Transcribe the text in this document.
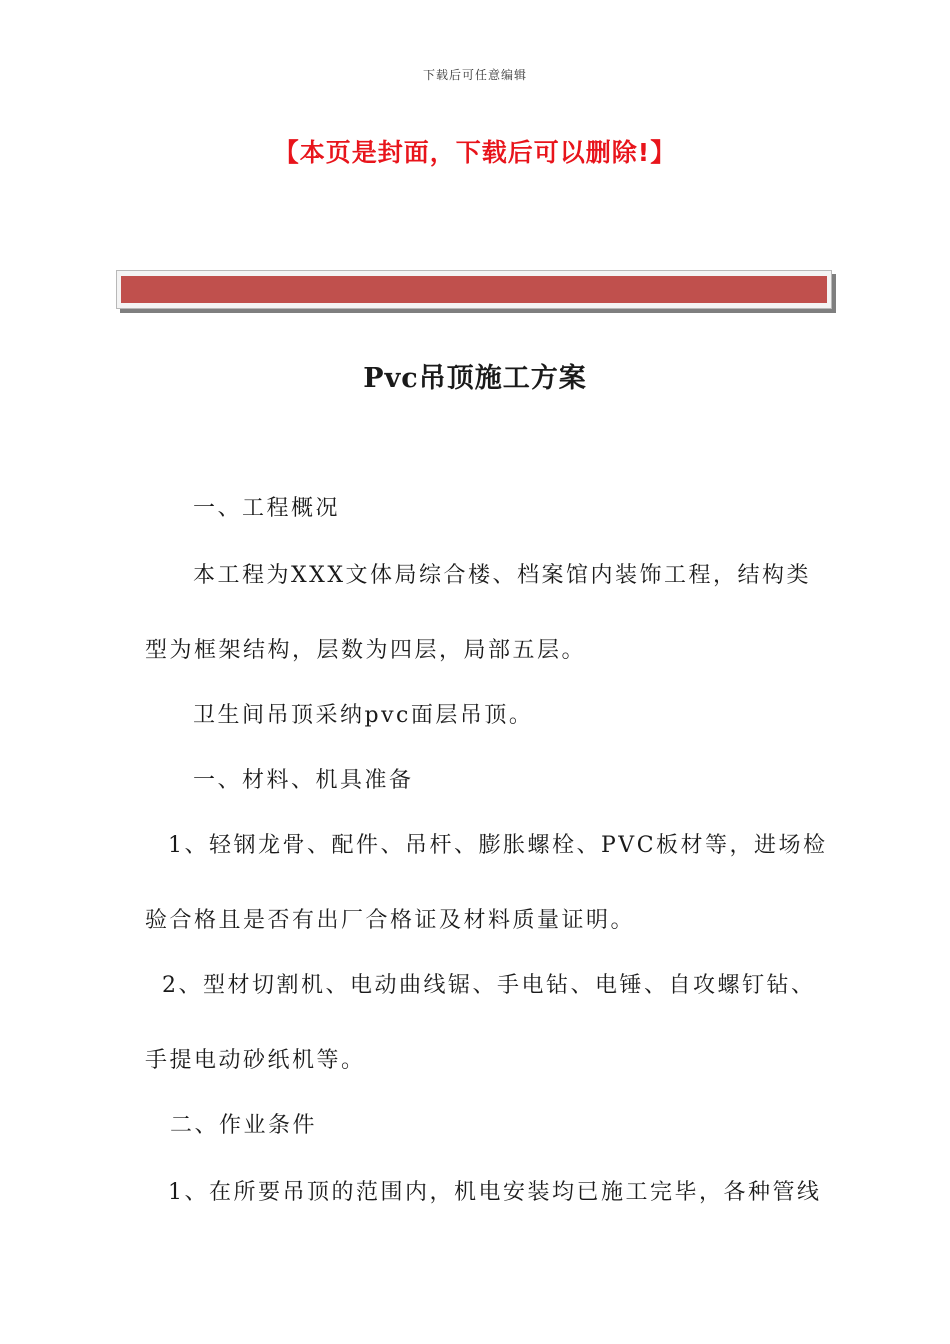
下载后可任意编辑
【本页是封面，下载后可以删除!】
Pvc吊顶施工方案
一、工程概况
本工程为XXX文体局综合楼、档案馆内装饰工程，结构类
型为框架结构，层数为四层，局部五层。
卫生间吊顶采纳pvc面层吊顶。
一、材料、机具准备
1、轻钢龙骨、配件、吊杆、膨胀螺栓、PVC板材等，进场检
验合格且是否有出厂合格证及材料质量证明。
2、型材切割机、电动曲线锯、手电钻、电锤、自攻螺钉钻、
手提电动砂纸机等。
二、作业条件
1、在所要吊顶的范围内，机电安装均已施工完毕，各种管线
